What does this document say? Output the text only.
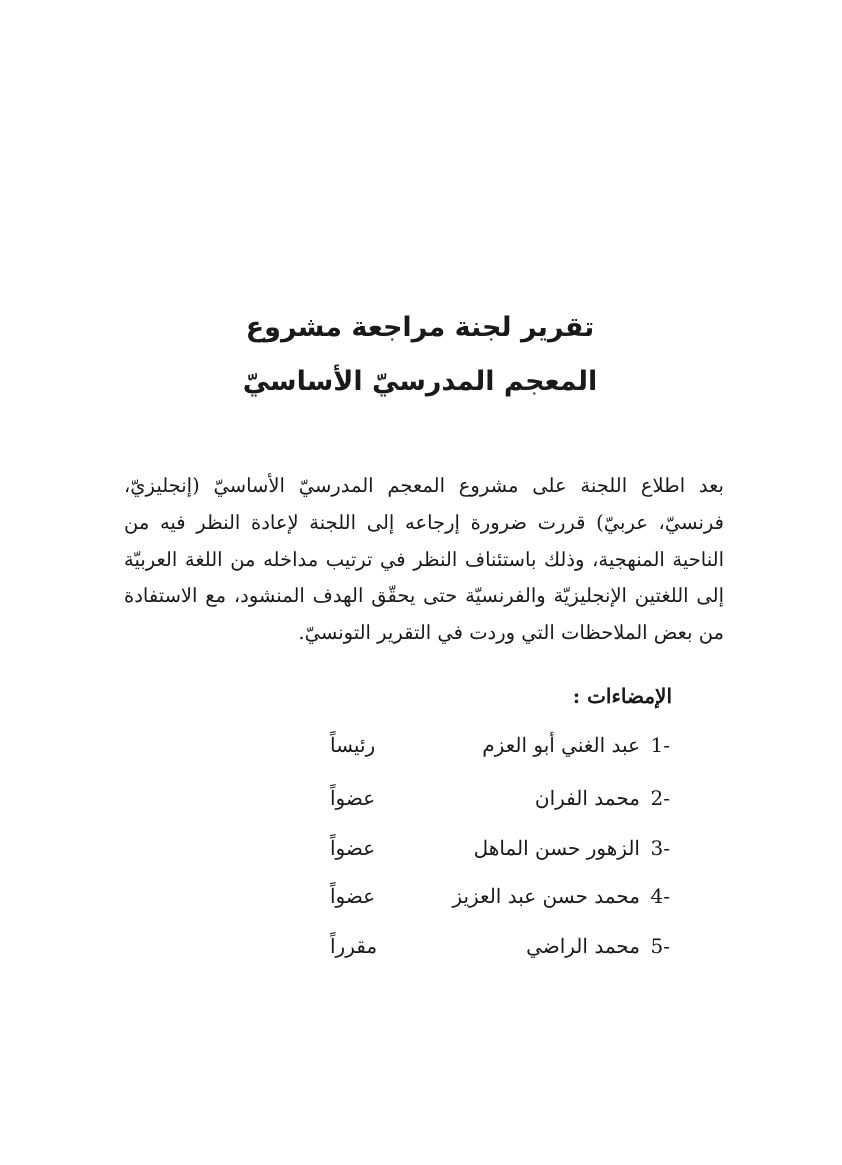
تقرير لجنة مراجعة مشروع
المعجم المدرسيّ الأساسيّ

بعد اطلاع اللجنة على مشروع المعجم المدرسيّ الأساسيّ (إنجليزيّ، فرنسيّ، عربيّ) قررت ضرورة إرجاعه إلى اللجنة لإعادة النظر فيه من الناحية المنهجية، وذلك باستئناف النظر في ترتيب مداخله من اللغة العربيّة إلى اللغتين الإنجليزيّة والفرنسيّة حتى يحقّق الهدف المنشود، مع الاستفادة من بعض الملاحظات التي وردت في التقرير التونسيّ.

الإمضاءات :

1-
عبد الغني أبو العزم
رئيساً
2-
محمد الفران
عضواً
3-
الزهور حسن الماهل
عضواً
4-
محمد حسن عبد العزيز
عضواً
5-
محمد الراضي
مقرراً
